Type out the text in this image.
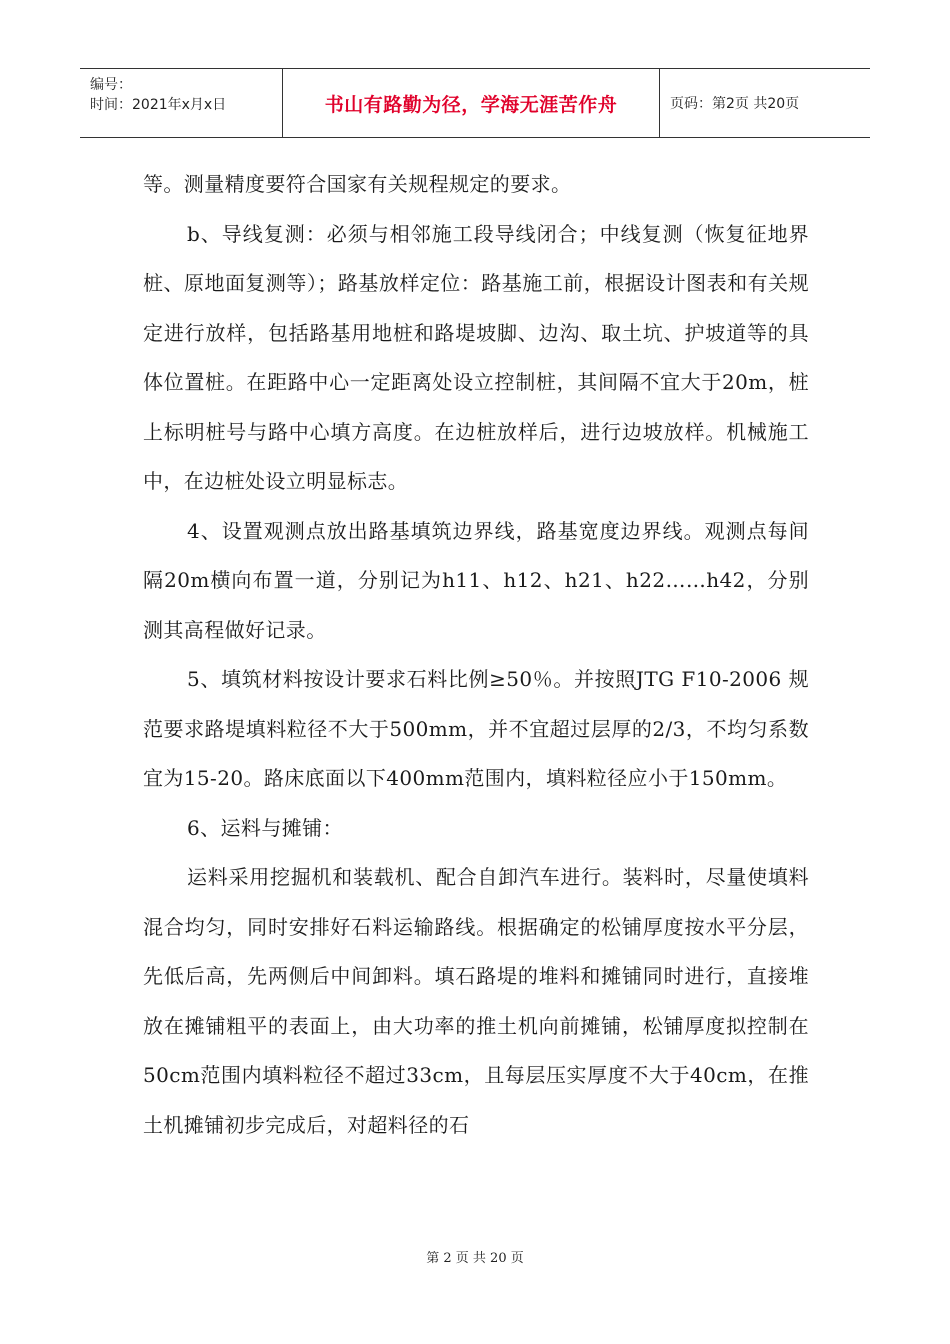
编号：
时间：2021年x月x日	书山有路勤为径，学海无涯苦作舟	页码：第2页 共20页

等。测量精度要符合国家有关规程规定的要求。

b、导线复测：必须与相邻施工段导线闭合；中线复测（恢复征地界桩、原地面复测等）；路基放样定位：路基施工前，根据设计图表和有关规定进行放样，包括路基用地桩和路堤坡脚、边沟、取土坑、护坡道等的具体位置桩。在距路中心一定距离处设立控制桩，其间隔不宜大于20m，桩上标明桩号与路中心填方高度。在边桩放样后，进行边坡放样。机械施工中，在边桩处设立明显标志。

4、设置观测点放出路基填筑边界线，路基宽度边界线。观测点每间隔20m横向布置一道，分别记为h11、h12、h21、h22……h42，分别测其高程做好记录。

5、填筑材料按设计要求石料比例≥50％。并按照JTG F10-2006 规范要求路堤填料粒径不大于500mm，并不宜超过层厚的2/3，不均匀系数宜为15-20。路床底面以下400mm范围内，填料粒径应小于150mm。

6、运料与摊铺：

运料采用挖掘机和装载机、配合自卸汽车进行。装料时，尽量使填料混合均匀，同时安排好石料运输路线。根据确定的松铺厚度按水平分层，先低后高，先两侧后中间卸料。填石路堤的堆料和摊铺同时进行，直接堆放在摊铺粗平的表面上，由大功率的推土机向前摊铺，松铺厚度拟控制在50cm范围内填料粒径不超过33cm，且每层压实厚度不大于40cm，在推土机摊铺初步完成后，对超料径的石

第 2 页 共 20 页
